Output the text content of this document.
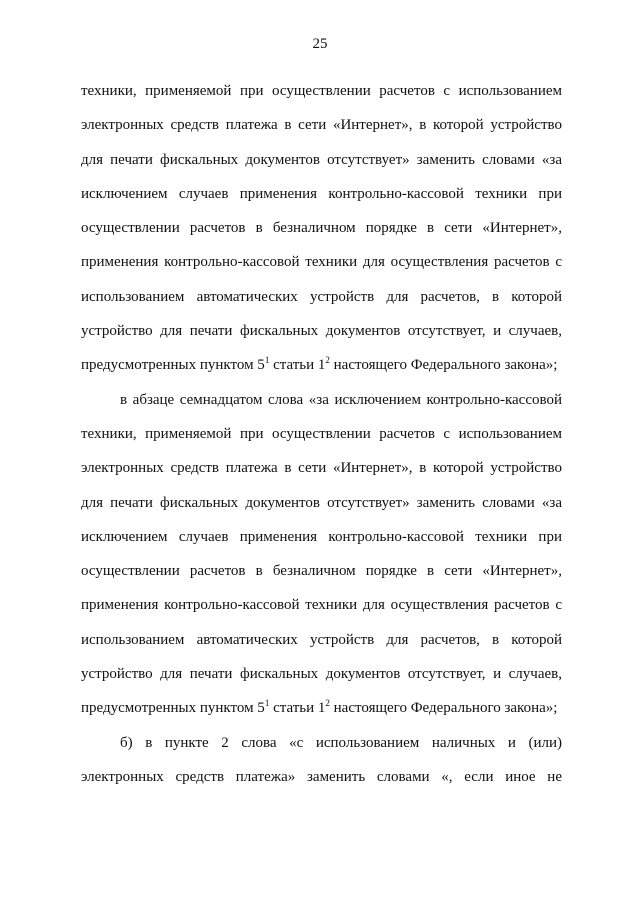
25

техники, применяемой при осуществлении расчетов с использованием электронных средств платежа в сети «Интернет», в которой устройство для печати фискальных документов отсутствует» заменить словами «за исключением случаев применения контрольно-кассовой техники при осуществлении расчетов в безналичном порядке в сети «Интернет», применения контрольно-кассовой техники для осуществления расчетов с использованием автоматических устройств для расчетов, в которой устройство для печати фискальных документов отсутствует, и случаев, предусмотренных пунктом $5^1$ статьи $1^2$ настоящего Федерального закона»;

в абзаце семнадцатом слова «за исключением контрольно-кассовой техники, применяемой при осуществлении расчетов с использованием электронных средств платежа в сети «Интернет», в которой устройство для печати фискальных документов отсутствует» заменить словами «за исключением случаев применения контрольно-кассовой техники при осуществлении расчетов в безналичном порядке в сети «Интернет», применения контрольно-кассовой техники для осуществления расчетов с использованием автоматических устройств для расчетов, в которой устройство для печати фискальных документов отсутствует, и случаев, предусмотренных пунктом $5^1$ статьи $1^2$ настоящего Федерального закона»;

б) в пункте 2 слова «с использованием наличных и (или) электронных средств платежа» заменить словами «, если иное не
